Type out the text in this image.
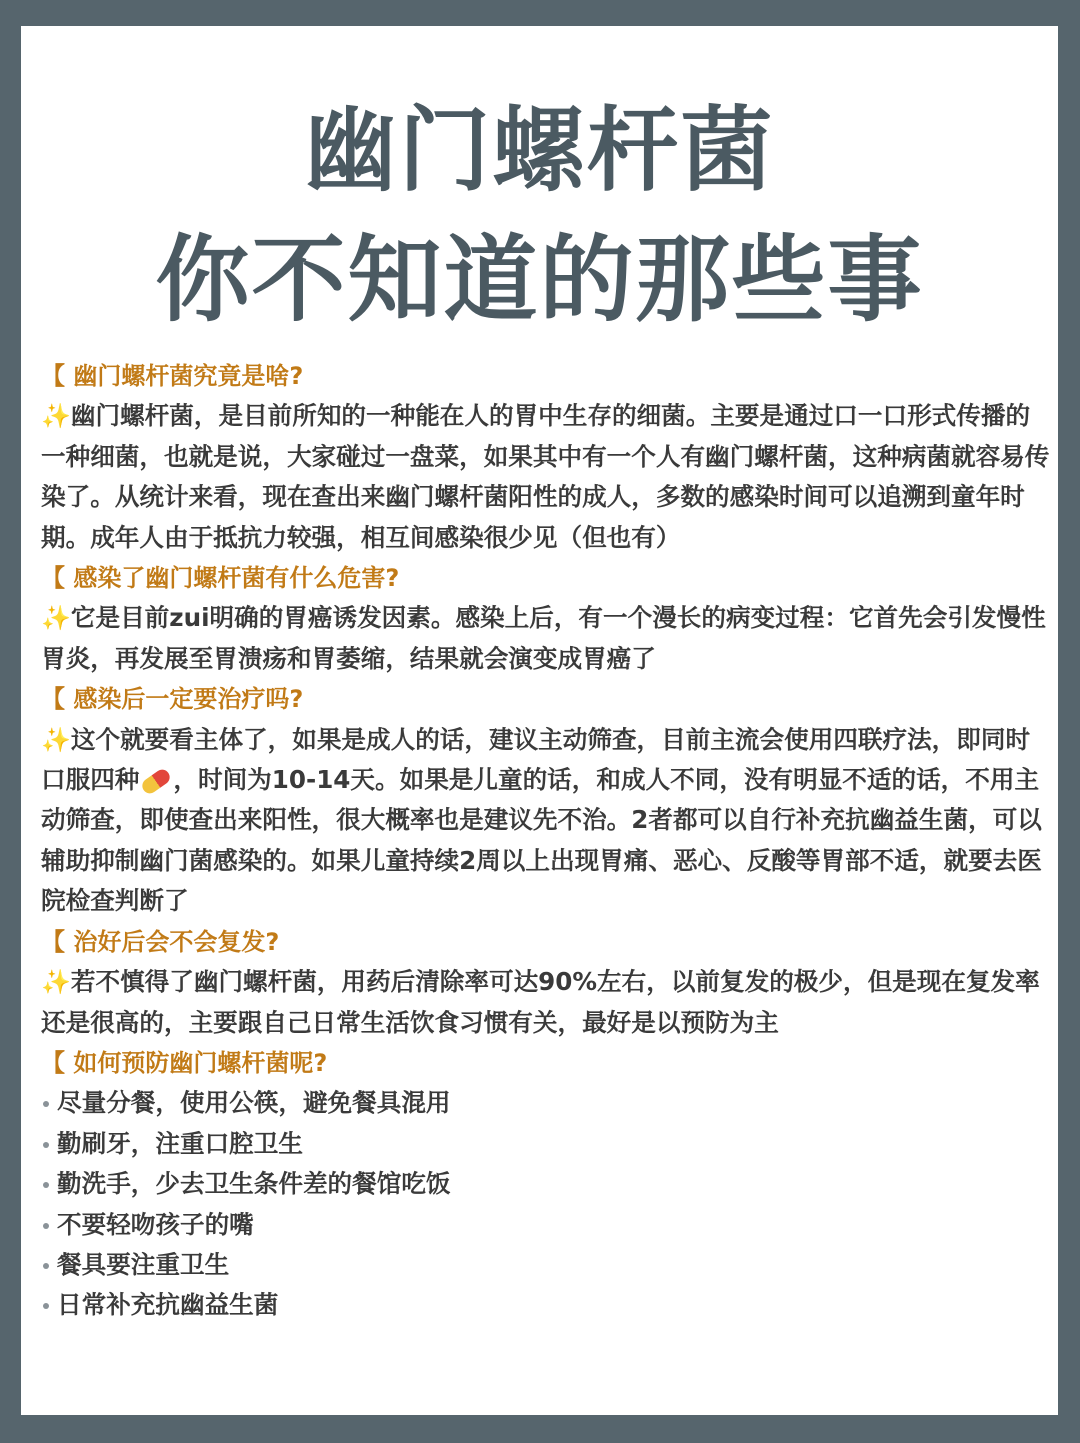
幽门螺杆菌
你不知道的那些事
【 幽门螺杆菌究竟是啥?
✨幽门螺杆菌，是目前所知的一种能在人的胃中生存的细菌。主要是通过口一口形式传播的一种细菌，也就是说，大家碰过一盘菜，如果其中有一个人有幽门螺杆菌，这种病菌就容易传染了。从统计来看，现在查出来幽门螺杆菌阳性的成人，多数的感染时间可以追溯到童年时期。成年人由于抵抗力较强，相互间感染很少见（但也有）
【 感染了幽门螺杆菌有什么危害?
✨它是目前zui明确的胃癌诱发因素。感染上后，有一个漫长的病变过程：它首先会引发慢性胃炎，再发展至胃溃疡和胃萎缩，结果就会演变成胃癌了
【 感染后一定要治疗吗?
✨这个就要看主体了，如果是成人的话，建议主动筛查，目前主流会使用四联疗法，即同时口服四种 ，时间为10-14天。如果是儿童的话，和成人不同，没有明显不适的话，不用主动筛查，即使查出来阳性，很大概率也是建议先不治。2者都可以自行补充抗幽益生菌，可以辅助抑制幽门菌感染的。如果儿童持续2周以上出现胃痛、恶心、反酸等胃部不适，就要去医院检查判断了
【 治好后会不会复发?
✨若不慎得了幽门螺杆菌，用药后清除率可达90%左右，以前复发的极少，但是现在复发率还是很高的，主要跟自己日常生活饮食习惯有关，最好是以预防为主
【 如何预防幽门螺杆菌呢?
尽量分餐，使用公筷，避免餐具混用
勤刷牙，注重口腔卫生
勤洗手，少去卫生条件差的餐馆吃饭
不要轻吻孩子的嘴
餐具要注重卫生
日常补充抗幽益生菌
